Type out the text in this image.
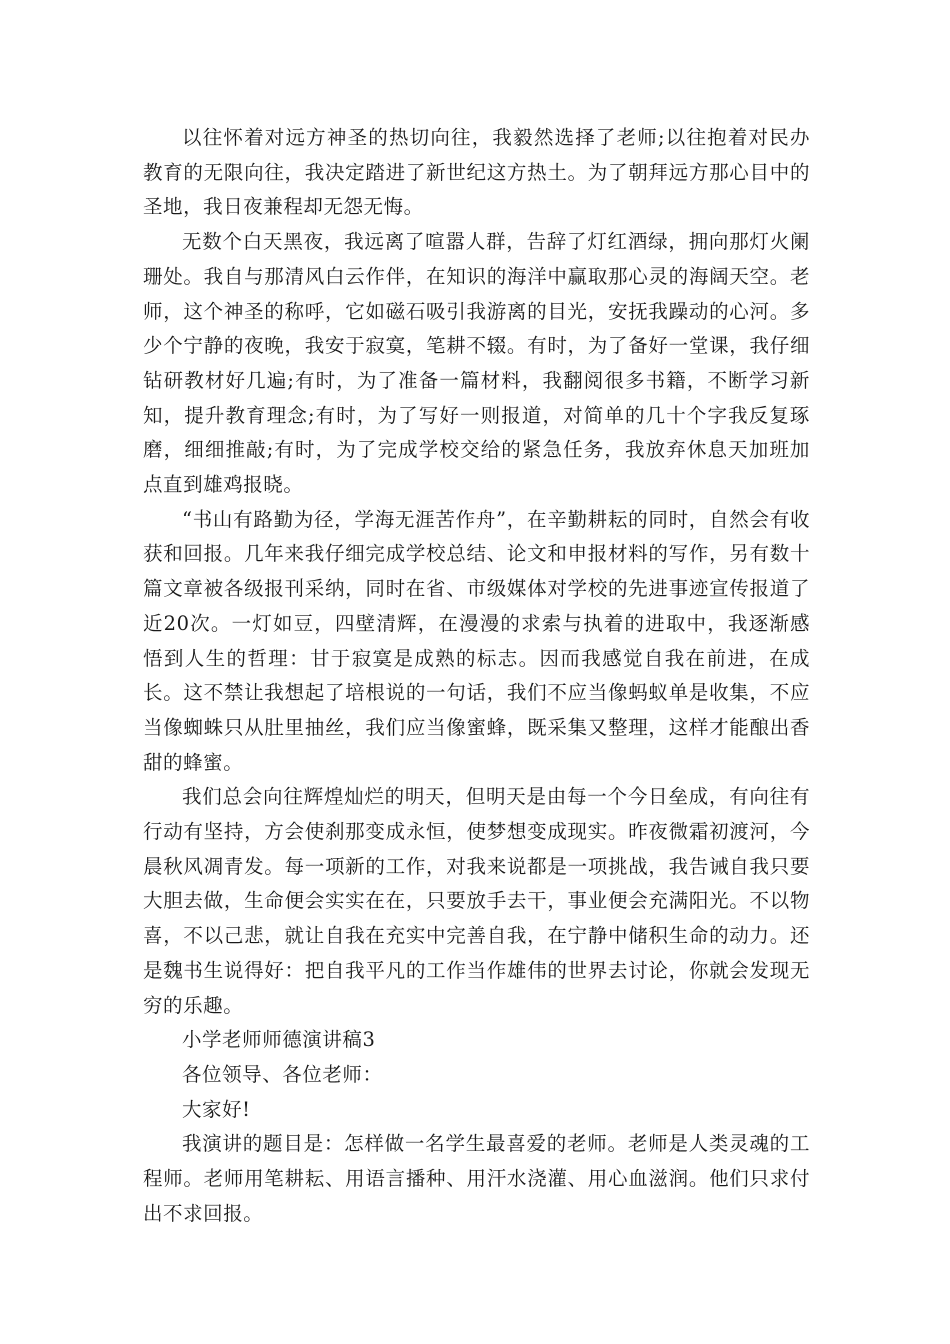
以往怀着对远方神圣的热切向往，我毅然选择了老师;以往抱着对民办教育的无限向往，我决定踏进了新世纪这方热土。为了朝拜远方那心目中的圣地，我日夜兼程却无怨无悔。

无数个白天黑夜，我远离了喧嚣人群，告辞了灯红酒绿，拥向那灯火阑珊处。我自与那清风白云作伴，在知识的海洋中赢取那心灵的海阔天空。老师，这个神圣的称呼，它如磁石吸引我游离的目光，安抚我躁动的心河。多少个宁静的夜晚，我安于寂寞，笔耕不辍。有时，为了备好一堂课，我仔细钻研教材好几遍;有时，为了准备一篇材料，我翻阅很多书籍，不断学习新知，提升教育理念;有时，为了写好一则报道，对简单的几十个字我反复琢磨，细细推敲;有时，为了完成学校交给的紧急任务，我放弃休息天加班加点直到雄鸡报晓。

“书山有路勤为径，学海无涯苦作舟”，在辛勤耕耘的同时，自然会有收获和回报。几年来我仔细完成学校总结、论文和申报材料的写作，另有数十篇文章被各级报刊采纳，同时在省、市级媒体对学校的先进事迹宣传报道了近20次。一灯如豆，四壁清辉，在漫漫的求索与执着的进取中，我逐渐感悟到人生的哲理：甘于寂寞是成熟的标志。因而我感觉自我在前进，在成长。这不禁让我想起了培根说的一句话，我们不应当像蚂蚁单是收集，不应当像蜘蛛只从肚里抽丝，我们应当像蜜蜂，既采集又整理，这样才能酿出香甜的蜂蜜。

我们总会向往辉煌灿烂的明天，但明天是由每一个今日垒成，有向往有行动有坚持，方会使刹那变成永恒，使梦想变成现实。昨夜微霜初渡河，今晨秋风凋青发。每一项新的工作，对我来说都是一项挑战，我告诫自我只要大胆去做，生命便会实实在在，只要放手去干，事业便会充满阳光。不以物喜，不以己悲，就让自我在充实中完善自我，在宁静中储积生命的动力。还是魏书生说得好：把自我平凡的工作当作雄伟的世界去讨论，你就会发现无穷的乐趣。

小学老师师德演讲稿3

各位领导、各位老师：

大家好!

我演讲的题目是：怎样做一名学生最喜爱的老师。老师是人类灵魂的工程师。老师用笔耕耘、用语言播种、用汗水浇灌、用心血滋润。他们只求付出不求回报。
